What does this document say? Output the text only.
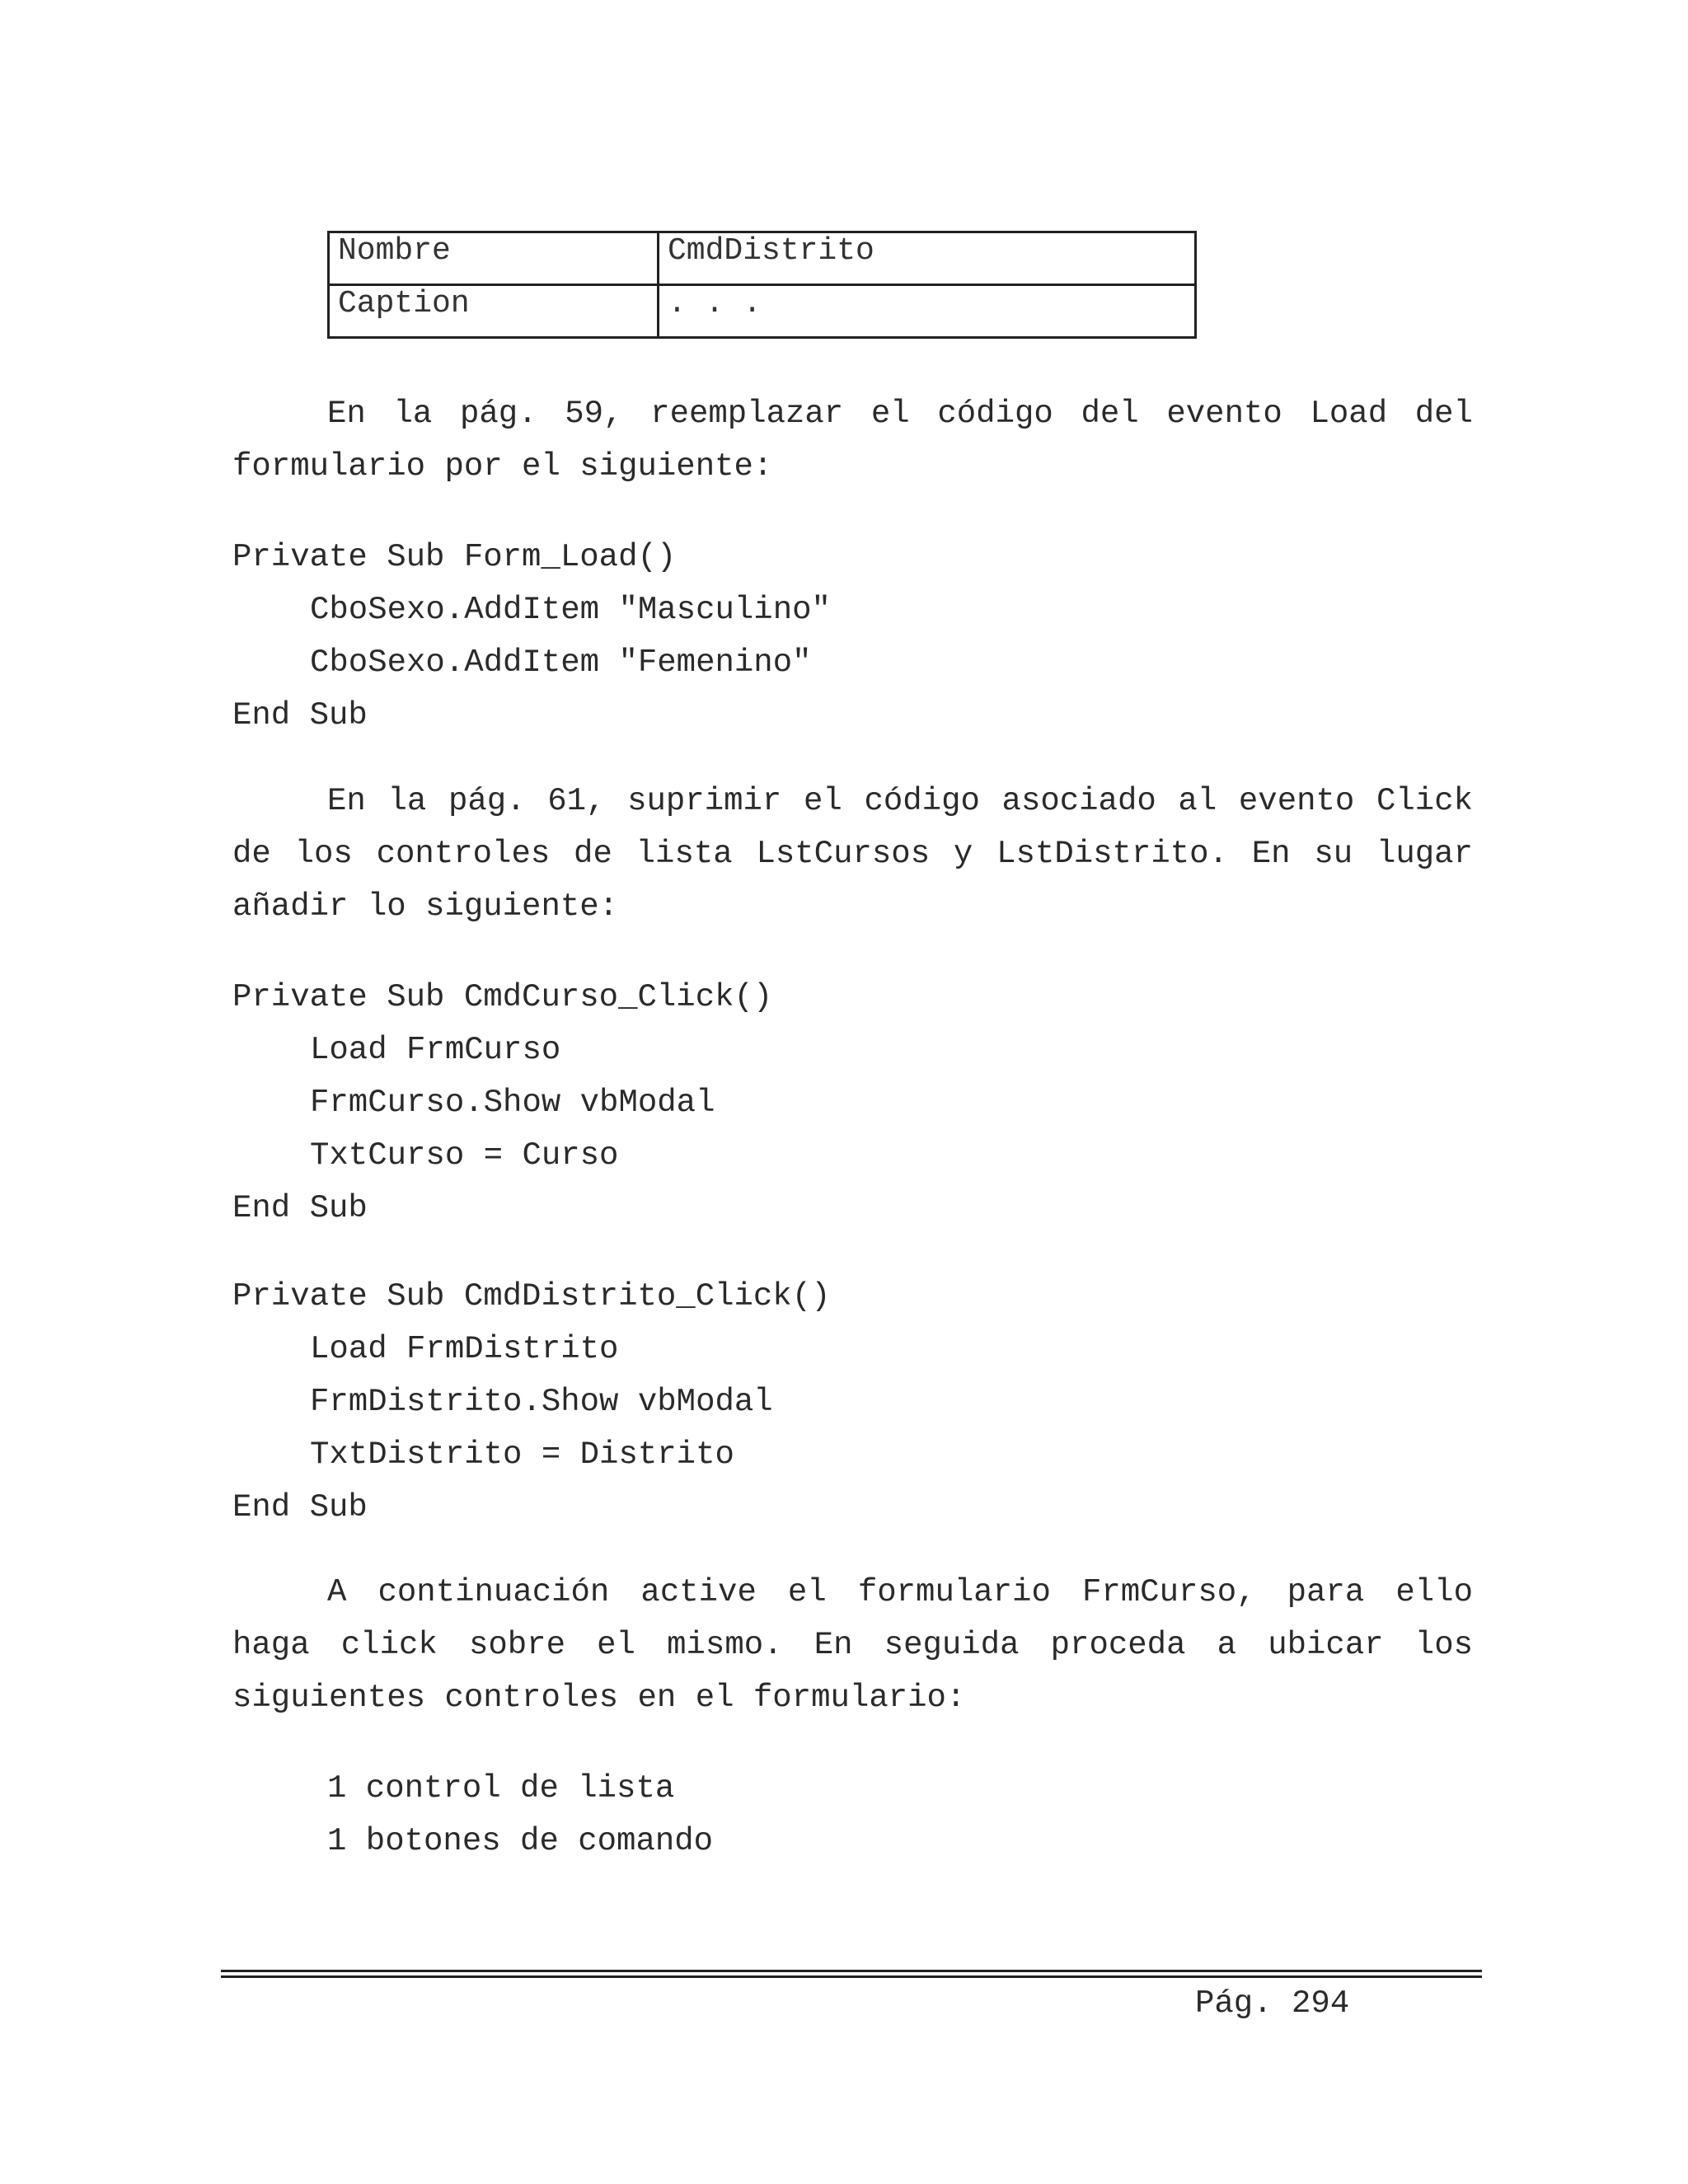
Nombre	CmdDistrito
Caption	. . .

En la pág. 59, reemplazar el código del evento Load del formulario por el siguiente:

Private Sub Form_Load()
CboSexo.AddItem "Masculino"
CboSexo.AddItem "Femenino"
End Sub

En la pág. 61, suprimir el código asociado al evento Click de los controles de lista LstCursos y LstDistrito. En su lugar añadir lo siguiente:

Private Sub CmdCurso_Click()
Load FrmCurso
FrmCurso.Show vbModal
TxtCurso = Curso
End Sub
Private Sub CmdDistrito_Click()
Load FrmDistrito
FrmDistrito.Show vbModal
TxtDistrito = Distrito
End Sub

A continuación active el formulario FrmCurso, para ello haga click sobre el mismo. En seguida proceda a ubicar los siguientes controles en el formulario:

1 control de lista
1 botones de comando
Pág. 294
